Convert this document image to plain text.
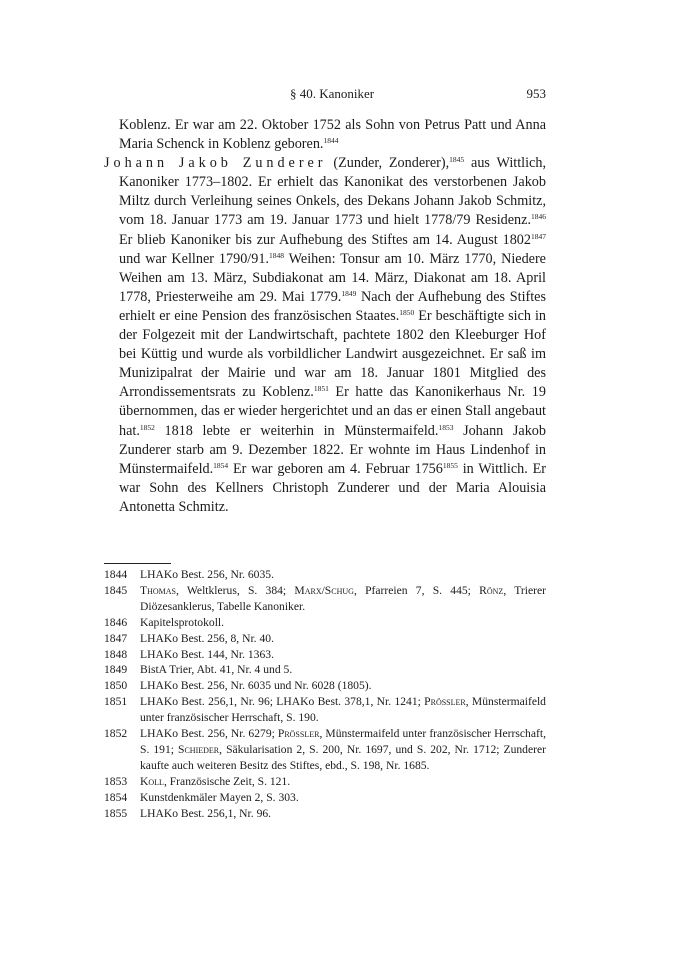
§ 40. Kanoniker	953

Koblenz. Er war am 22. Oktober 1752 als Sohn von Petrus Patt und Anna Maria Schenck in Koblenz geboren.$^{1844}$

Johann Jakob Zunderer (Zunder, Zonderer),$^{1845}$ aus Wittlich, Kanoniker 1773–1802. Er erhielt das Kanonikat des verstorbenen Jakob Miltz durch Verleihung seines Onkels, des Dekans Johann Jakob Schmitz, vom 18. Januar 1773 am 19. Januar 1773 und hielt 1778/79 Residenz.$^{1846}$ Er blieb Kanoniker bis zur Aufhebung des Stiftes am 14. August $1802^{1847}$ und war Kellner 1790/91.$^{1848}$ Weihen: Tonsur am 10. März 1770, Niedere Weihen am 13. März, Subdiakonat am 14. März, Diakonat am 18. April 1778, Priesterweihe am 29. Mai 1779.$^{1849}$ Nach der Aufhebung des Stiftes erhielt er eine Pension des französischen Staates.$^{1850}$ Er beschäftigte sich in der Folgezeit mit der Landwirtschaft, pachtete 1802 den Kleeburger Hof bei Küttig und wurde als vorbildlicher Landwirt ausgezeichnet. Er saß im Munizipalrat der Mairie und war am 18. Januar 1801 Mitglied des Arrondissementsrats zu Koblenz.$^{1851}$ Er hatte das Kanonikerhaus Nr. 19 übernommen, das er wieder hergerichtet und an das er einen Stall angebaut hat.$^{1852}$ 1818 lebte er weiterhin in Münstermaifeld.$^{1853}$ Johann Jakob Zunderer starb am 9. Dezember 1822. Er wohnte im Haus Lindenhof in Münstermaifeld.$^{1854}$ Er war geboren am 4. Februar $1756^{1855}$ in Wittlich. Er war Sohn des Kellners Christoph Zunderer und der Maria Alouisia Antonetta Schmitz.

1844	LHAKo Best. 256, Nr. 6035.
1845	Thomas, Weltklerus, S. 384; Marx/Schug, Pfarreien 7, S. 445; Rönz, Trierer Diözesanklerus, Tabelle Kanoniker.
1846	Kapitelsprotokoll.
1847	LHAKo Best. 256, 8, Nr. 40.
1848	LHAKo Best. 144, Nr. 1363.
1849	BistA Trier, Abt. 41, Nr. 4 und 5.
1850	LHAKo Best. 256, Nr. 6035 und Nr. 6028 (1805).
1851	LHAKo Best. 256,1, Nr. 96; LHAKo Best. 378,1, Nr. 1241; Prössler, Münstermaifeld unter französischer Herrschaft, S. 190.
1852	LHAKo Best. 256, Nr. 6279; Prössler, Münstermaifeld unter französischer Herrschaft, S. 191; Schieder, Säkularisation 2, S. 200, Nr. 1697, und S. 202, Nr. 1712; Zunderer kaufte auch weiteren Besitz des Stiftes, ebd., S. 198, Nr. 1685.
1853	Koll, Französische Zeit, S. 121.
1854	Kunstdenkmäler Mayen 2, S. 303.
1855	LHAKo Best. 256,1, Nr. 96.
